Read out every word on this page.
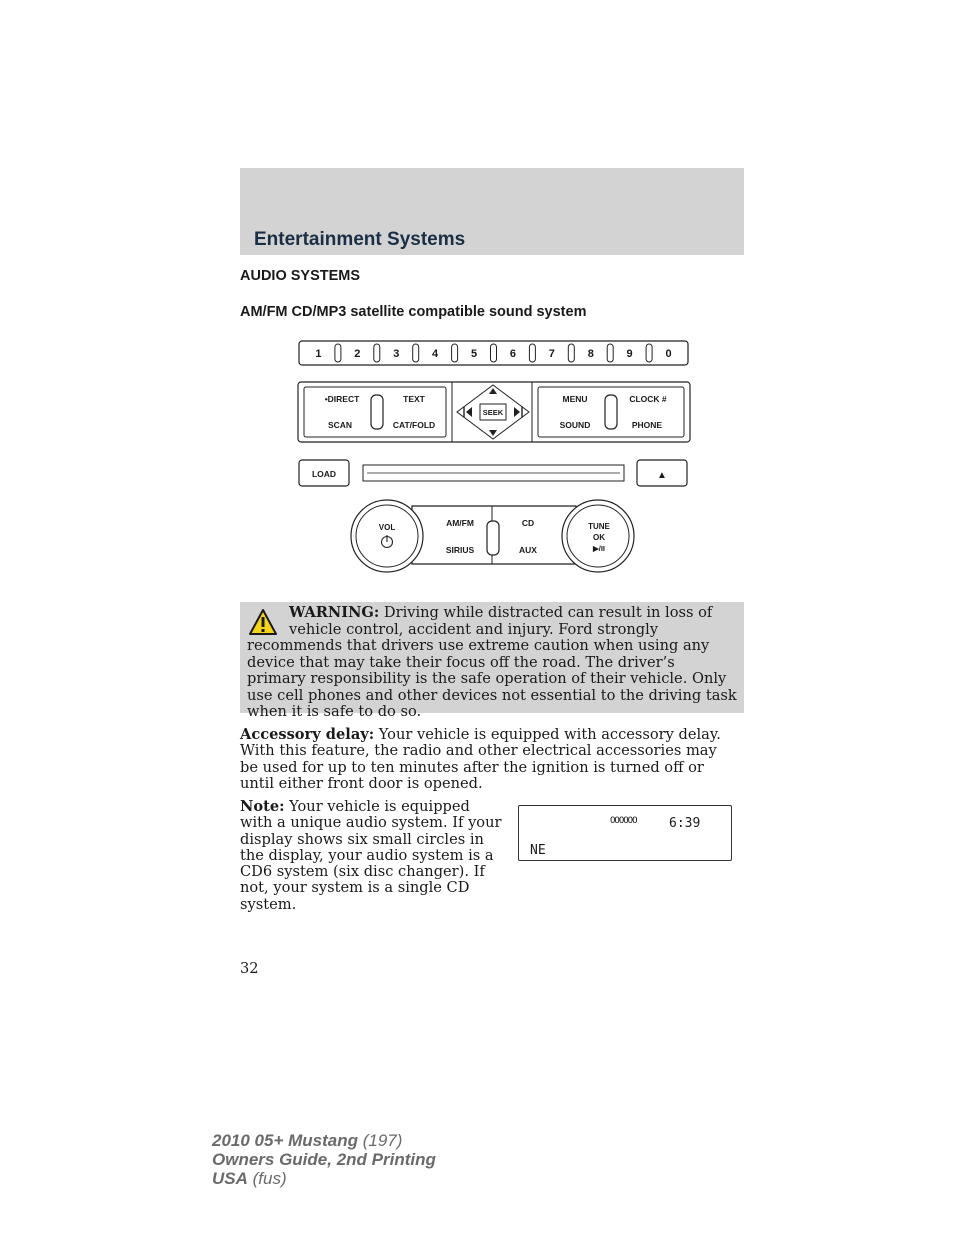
Entertainment Systems
AUDIO SYSTEMS
AM/FM CD/MP3 satellite compatible sound system
1	2	3	4	5	6	7	8	9	0
•DIRECT	TEXT
SCAN	CAT/FOLD
SEEK
MENU	CLOCK #
SOUND	PHONE
LOAD	▲
AM/FM
SIRIUS
CD
AUX
VOL	TUNE
OK
▶/II
WARNING: Driving while distracted can result in loss of vehicle control, accident and injury. Ford strongly recommends that drivers use extreme caution when using any device that may take their focus off the road. The driver’s primary responsibility is the safe operation of their vehicle. Only use cell phones and other devices not essential to the driving task when it is safe to do so.
Accessory delay: Your vehicle is equipped with accessory delay. With this feature, the radio and other electrical accessories may be used for up to ten minutes after the ignition is turned off or until either front door is opened.
Note: Your vehicle is equipped with a unique audio system. If your display shows six small circles in the display, your audio system is a CD6 system (six disc changer). If not, your system is a single CD system.
OOOOOO 6:39
NE
32
2010 05+ Mustang (197)
Owners Guide, 2nd Printing
USA (fus)
